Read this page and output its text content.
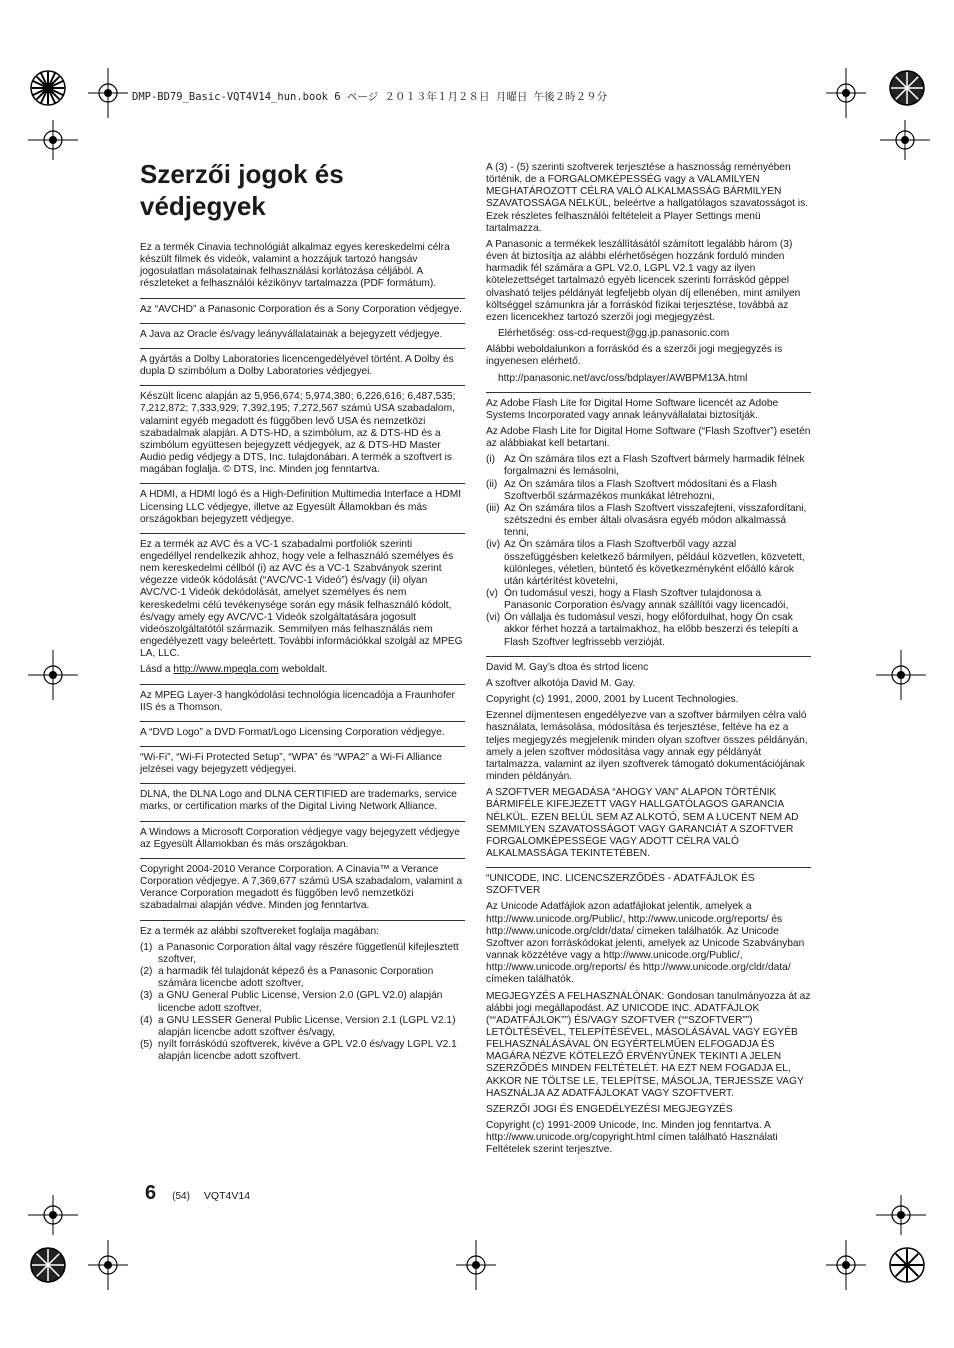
DMP-BD79_Basic-VQT4V14_hun.book 6 ページ ２０１３年１月２８日 月曜日 午後２時２９分
Szerzői jogok és
védjegyek

Ez a termék Cinavia technológiát alkalmaz egyes kereskedelmi célra készült filmek és videók, valamint a hozzájuk tartozó hangsáv jogosulatlan másolatainak felhasználási korlátozása céljából. A részleteket a felhasználói kézikönyv tartalmazza (PDF formátum).

Az “AVCHD” a Panasonic Corporation és a Sony Corporation védjegye.

A Java az Oracle és/vagy leányvállalatainak a bejegyzett védjegye.

A gyártás a Dolby Laboratories licencengedélyével történt. A Dolby és dupla D szimbólum a Dolby Laboratories védjegyei.

Készült licenc alapján az 5,956,674; 5,974,380; 6,226,616; 6,487,535; 7,212,872; 7,333,929; 7,392,195; 7,272,567 számú USA szabadalom, valamint egyéb megadott és függőben levő USA és nemzetközi szabadalmak alapján. A DTS-HD, a szimbólum, az & DTS-HD és a szimbólum együttesen bejegyzett védjegyek, az & DTS-HD Master Audio pedig védjegy a DTS, Inc. tulajdonában. A termék a szoftvert is magában foglalja. © DTS, Inc. Minden jog fenntartva.

A HDMI, a HDMI logó és a High-Definition Multimedia Interface a HDMI Licensing LLC védjegye, illetve az Egyesült Államokban és más országokban bejegyzett védjegye.

Ez a termék az AVC és a VC-1 szabadalmi portfoliók szerinti engedéllyel rendelkezik ahhoz, hogy vele a felhasználó személyes és nem kereskedelmi céllból (i) az AVC és a VC-1 Szabványok szerint végezze videók kódolását (“AVC/VC-1 Videó”) és/vagy (ii) olyan AVC/VC-1 Videók dekódolását, amelyet személyes és nem kereskedelmi célú tevékenysége során egy másik felhasználó kódolt, és/vagy amely egy AVC/VC-1 Videók szolgáltatására jogosult videószolgáltatótól származik. Semmilyen más felhasználás nem engedélyezett vagy beleértett. További információkkal szolgál az MPEG LA, LLC.

Lásd a http://www.mpegla.com weboldalt.

Az MPEG Layer-3 hangkódolási technológia licencadója a Fraunhofer IIS és a Thomson.

A “DVD Logo” a DVD Format/Logo Licensing Corporation védjegye.

“Wi-Fi”, “Wi-Fi Protected Setup”, “WPA” és “WPA2” a Wi-Fi Alliance jelzései vagy bejegyzett védjegyei.

DLNA, the DLNA Logo and DLNA CERTIFIED are trademarks, service marks, or certification marks of the Digital Living Network Alliance.

A Windows a Microsoft Corporation védjegye vagy bejegyzett védjegye az Egyesült Államokban és más országokban.

Copyright 2004-2010 Verance Corporation. A Cinavia™ a Verance Corporation védjegye. A 7,369,677 számú USA szabadalom, valamint a Verance Corporation megadott és függőben levő nemzetközi szabadalmai alapján védve. Minden jog fenntartva.

Ez a termék az alábbi szoftvereket foglalja magában:

(1) a Panasonic Corporation által vagy részére függetlenül kifejlesztett szoftver,
(2) a harmadik fél tulajdonát képező és a Panasonic Corporation számára licencbe adott szoftver,
(3) a GNU General Public License, Version 2.0 (GPL V2.0) alapján licencbe adott szoftver,
(4) a GNU LESSER General Public License, Version 2.1 (LGPL V2.1) alapján licencbe adott szoftver és/vagy,
(5) nyílt forráskódú szoftverek, kivéve a GPL V2.0 és/vagy LGPL V2.1 alapján licencbe adott szoftvert.

A (3) - (5) szerinti szoftverek terjesztése a hasznosság reményében történik, de a FORGALOMKÉPESSÉG vagy a VALAMILYEN MEGHATÁROZOTT CÉLRA VALÓ ALKALMASSÁG BÁRMILYEN SZAVATOSSÁGA NÉLKÜL, beleértve a hallgatólagos szavatosságot is. Ezek részletes felhasználói feltételeit a Player Settings menü tartalmazza.

A Panasonic a termékek leszállításától számított legalább három (3) éven át biztosítja az alábbi elérhetőségen hozzánk forduló minden harmadik fél számára a GPL V2.0, LGPL V2.1 vagy az ilyen kötelezettséget tartalmazó egyéb licencek szerinti forráskód géppel olvasható teljes példányát legfeljebb olyan díj ellenében, mint amilyen költséggel számunkra jár a forráskód fizikai terjesztése, továbbá az ezen licencekhez tartozó szerzői jogi megjegyzést.

Elérhetőség: oss-cd-request@gg.jp.panasonic.com

Alábbi weboldalunkon a forráskód és a szerzői jogi megjegyzés is ingyenesen elérhető.

http://panasonic.net/avc/oss/bdplayer/AWBPM13A.html

Az Adobe Flash Lite for Digital Home Software licencét az Adobe Systems Incorporated vagy annak leányvállalatai biztosítják.

Az Adobe Flash Lite for Digital Home Software (“Flash Szoftver”) esetén az alábbiakat kell betartani.

(i) Az Ön számára tilos ezt a Flash Szoftvert bármely harmadik félnek forgalmazni és lemásolni,
(ii) Az Ön számára tilos a Flash Szoftvert módosítani és a Flash Szoftverből származékos munkákat létrehozni,
(iii) Az Ön számára tilos a Flash Szoftvert visszafejteni, visszafordítani, szétszedni és ember általi olvasásra egyéb módon alkalmassá tenni,
(iv) Az Ön számára tilos a Flash Szoftverből vagy azzal összefüggésben keletkező bármilyen, például közvetlen, közvetett, különleges, véletlen, büntető és következményként előálló károk után kártérítést követelni,
(v) Ön tudomásul veszi, hogy a Flash Szoftver tulajdonosa a Panasonic Corporation és/vagy annak szállítói vagy licencadói,
(vi) Ön vállalja és tudomásul veszi, hogy előfordulhat, hogy Ön csak akkor férhet hozzá a tartalmakhoz, ha előbb beszerzi és telepíti a Flash Szoftver legfrissebb verzióját.

David M. Gay’s dtoa és strtod licenc

A szoftver alkotója David M. Gay.

Copyright (c) 1991, 2000, 2001 by Lucent Technologies.

Ezennel díjmentesen engedélyezve van a szoftver bármilyen célra való használata, lemásolása, módosítása és terjesztése, feltéve ha ez a teljes megjegyzés megjelenik minden olyan szoftver összes példányán, amely a jelen szoftver módosítása vagy annak egy példányát tartalmazza, valamint az ilyen szoftverek támogató dokumentációjának minden példányán.

A SZOFTVER MEGADÁSA “AHOGY VAN” ALAPON TÖRTÉNIK BÁRMIFÉLE KIFEJEZETT VAGY HALLGATÓLAGOS GARANCIA NÉLKÜL. EZEN BELÜL SEM AZ ALKOTÓ, SEM A LUCENT NEM AD SEMMILYEN SZAVATOSSÁGOT VAGY GARANCIÁT A SZOFTVER FORGALOMKÉPESSÉGE VAGY ADOTT CÉLRA VALÓ ALKALMASSÁGA TEKINTETÉBEN.

“UNICODE, INC. LICENCSZERZŐDÉS - ADATFÁJLOK ÉS SZOFTVER

Az Unicode Adatfájlok azon adatfájlokat jelentik, amelyek a http://www.unicode.org/Public/, http://www.unicode.org/reports/ és http://www.unicode.org/cldr/data/ címeken találhatók. Az Unicode Szoftver azon forráskódokat jelenti, amelyek az Unicode Szabványban vannak közzétéve vagy a http://www.unicode.org/Public/, http://www.unicode.org/reports/ és http://www.unicode.org/cldr/data/ címeken találhatók.

MEGJEGYZÉS A FELHASZNÁLÓNAK: Gondosan tanulmányozza át az alábbi jogi megállapodást. AZ UNICODE INC. ADATFÁJLOK (““ADATFÁJLOK””) ÉS/VAGY SZOFTVER (““SZOFTVER””) LETÖLTÉSÉVEL, TELEPÍTÉSÉVEL, MÁSOLÁSÁVAL VAGY EGYÉB FELHASZNÁLÁSÁVAL ÖN EGYÉRTELMŰEN ELFOGADJA ÉS MAGÁRA NÉZVE KÖTELEZŐ ÉRVÉNYŰNEK TEKINTI A JELEN SZERZŐDÉS MINDEN FELTÉTELÉT. HA EZT NEM FOGADJA EL, AKKOR NE TÖLTSE LE, TELEPÍTSE, MÁSOLJA, TERJESSZE VAGY HASZNÁLJA AZ ADATFÁJLOKAT VAGY SZOFTVERT.

SZERZŐI JOGI ÉS ENGEDÉLYEZÉSI MEGJEGYZÉS

Copyright (c) 1991-2009 Unicode, Inc. Minden jog fenntartva. A http://www.unicode.org/copyright.html címen található Használati Feltételek szerint terjesztve.

6 (54) VQT4V14
